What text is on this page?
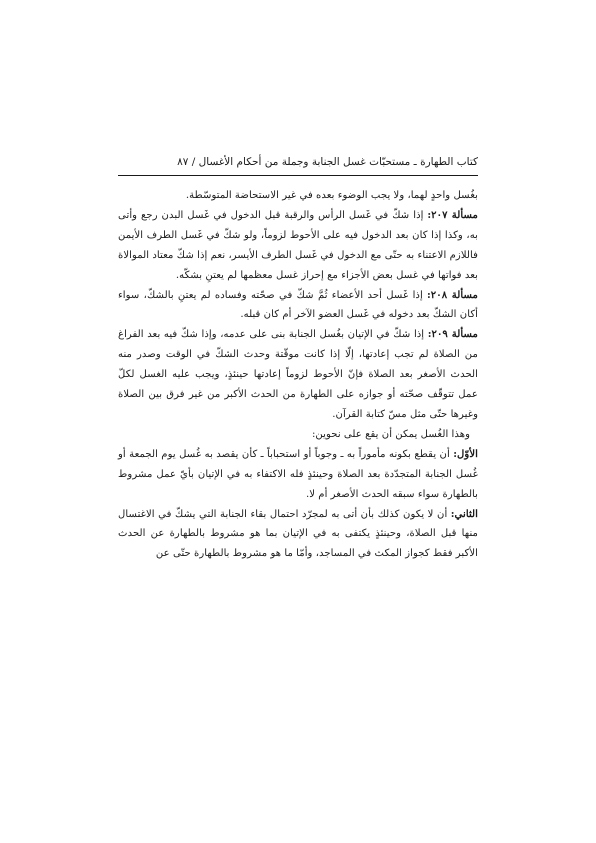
كتاب الطهارة ـ مستحبّات غسل الجنابة وجملة من أحكام الأغسال / ٨٧

بغُسل واحدٍ لهما، ولا يجب الوضوء بعده في غير الاستحاضة المتوسّطة.

مسألة ٢٠٧: إذا شكّ في غَسل الرأس والرقبة قبل الدخول في غَسل البدن رجع وأتى به، وكذا إذا كان بعد الدخول فيه على الأحوط لزوماً، ولو شكّ في غَسل الطرف الأيمن فاللازم الاعتناء به حتّى مع الدخول في غَسل الطرف الأيسر، نعم إذا شكّ معتاد الموالاة بعد فواتها في غسل بعض الأجزاء مع إحراز غسل معظمها لم يعتنِ بشكّه.

مسألة ٢٠٨: إذا غَسل أحد الأعضاء ثُمَّ شكّ في صحّته وفساده لم يعتنِ بالشكّ، سواء أكان الشكّ بعد دخوله في غَسل العضو الآخر أم كان قبله.

مسألة ٢٠٩: إذا شكّ في الإتيان بغُسل الجنابة بنى على عدمه، وإذا شكّ فيه بعد الفراغ من الصلاة لم تجب إعادتها، إلّا إذا كانت موقّتة وحدث الشكّ في الوقت وصدر منه الحدث الأصغر بعد الصلاة فإنّ الأحوط لزوماً إعادتها حينئذٍ، ويجب عليه الغسل لكلّ عمل تتوقّف صحّته أو جوازه على الطهارة من الحدث الأكبر من غير فرق بين الصلاة وغيرها حتّى مثل مسّ كتابة القرآن.

وهذا الغُسل يمكن أن يقع على نحوين:

الأوّل: أن يقطع بكونه مأموراً به ـ وجوباً أو استحباباً ـ كأن يقصد به غُسل يوم الجمعة أو غُسل الجنابة المتجدّدة بعد الصلاة وحينئذٍ فله الاكتفاء به في الإتيان بأيّ عمل مشروط بالطهارة سواء سبقه الحدث الأصغر أم لا.

الثاني: أن لا يكون كذلك بأن أتى به لمجرّد احتمال بقاء الجنابة التي يشكّ في الاغتسال منها قبل الصلاة، وحينئذٍ يكتفى به في الإتيان بما هو مشروط بالطهارة عن الحدث الأكبر فقط كجواز المكث في المساجد، وأمّا ما هو مشروط بالطهارة حتّى عن
